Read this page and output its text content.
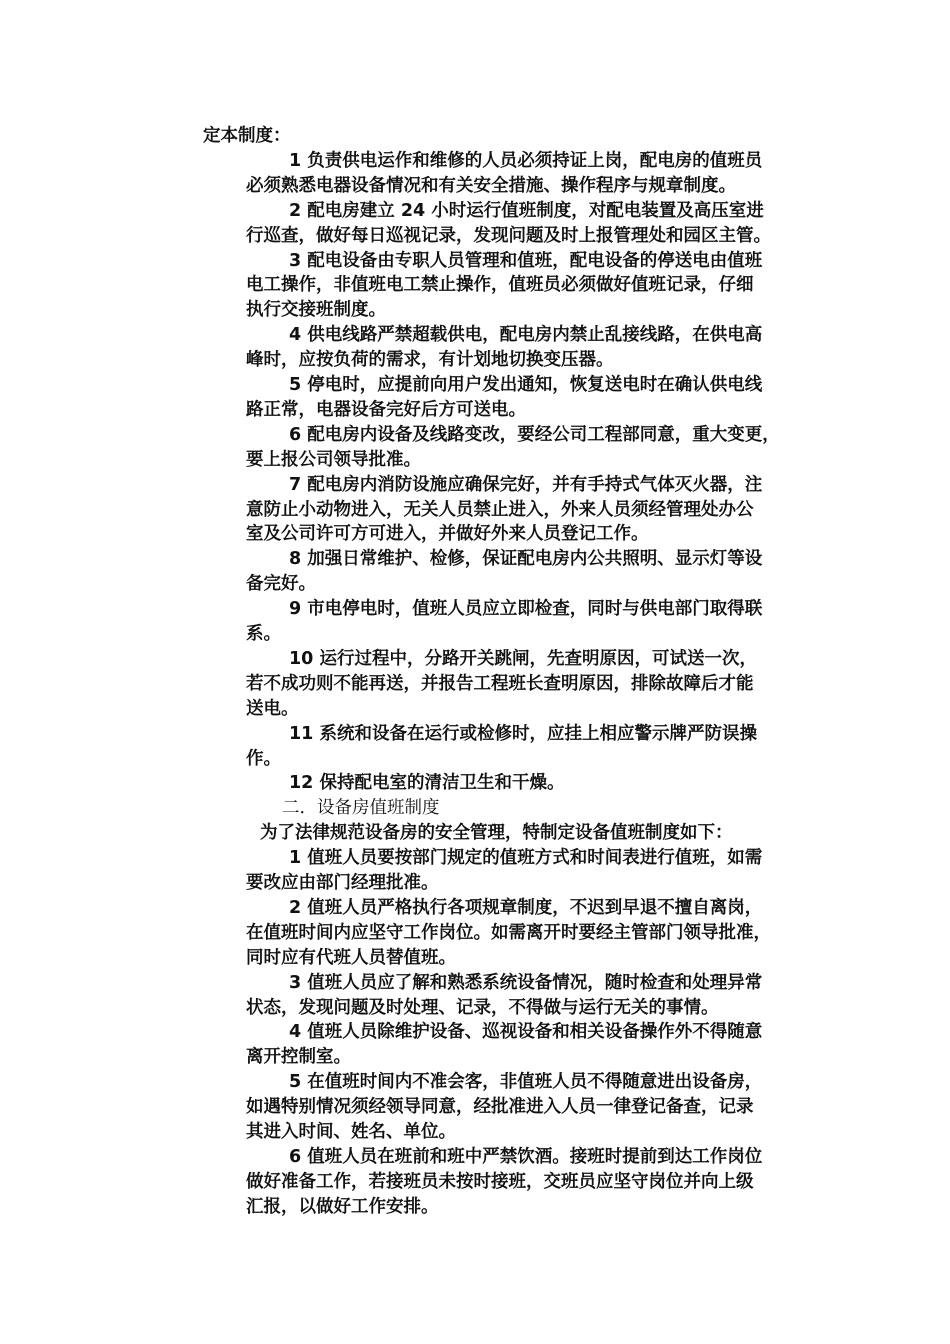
定本制度：
1 负责供电运作和维修的人员必须持证上岗，配电房的值班员
必须熟悉电器设备情况和有关安全措施、操作程序与规章制度。
2 配电房建立 24 小时运行值班制度，对配电装置及高压室进
行巡查，做好每日巡视记录，发现问题及时上报管理处和园区主管。
3 配电设备由专职人员管理和值班，配电设备的停送电由值班
电工操作，非值班电工禁止操作，值班员必须做好值班记录，仔细
执行交接班制度。
4 供电线路严禁超载供电，配电房内禁止乱接线路，在供电高
峰时，应按负荷的需求，有计划地切换变压器。
5 停电时，应提前向用户发出通知，恢复送电时在确认供电线
路正常，电器设备完好后方可送电。
6 配电房内设备及线路变改，要经公司工程部同意，重大变更，
要上报公司领导批准。
7 配电房内消防设施应确保完好，并有手持式气体灭火器，注
意防止小动物进入，无关人员禁止进入，外来人员须经管理处办公
室及公司许可方可进入，并做好外来人员登记工作。
8 加强日常维护、检修，保证配电房内公共照明、显示灯等设
备完好。
9 市电停电时，值班人员应立即检查，同时与供电部门取得联
系。
10 运行过程中，分路开关跳闸，先查明原因，可试送一次，
若不成功则不能再送，并报告工程班长查明原因，排除故障后才能
送电。
11 系统和设备在运行或检修时，应挂上相应警示牌严防误操
作。
12 保持配电室的清洁卫生和干燥。
二．设备房值班制度
为了法律规范设备房的安全管理，特制定设备值班制度如下：
1 值班人员要按部门规定的值班方式和时间表进行值班，如需
要改应由部门经理批准。
2 值班人员严格执行各项规章制度，不迟到早退不擅自离岗，
在值班时间内应坚守工作岗位。如需离开时要经主管部门领导批准，
同时应有代班人员替值班。
3 值班人员应了解和熟悉系统设备情况，随时检查和处理异常
状态，发现问题及时处理、记录，不得做与运行无关的事情。
4 值班人员除维护设备、巡视设备和相关设备操作外不得随意
离开控制室。
5 在值班时间内不准会客，非值班人员不得随意进出设备房，
如遇特别情况须经领导同意，经批准进入人员一律登记备查，记录
其进入时间、姓名、单位。
6 值班人员在班前和班中严禁饮酒。接班时提前到达工作岗位
做好准备工作，若接班员未按时接班，交班员应坚守岗位并向上级
汇报，以做好工作安排。
